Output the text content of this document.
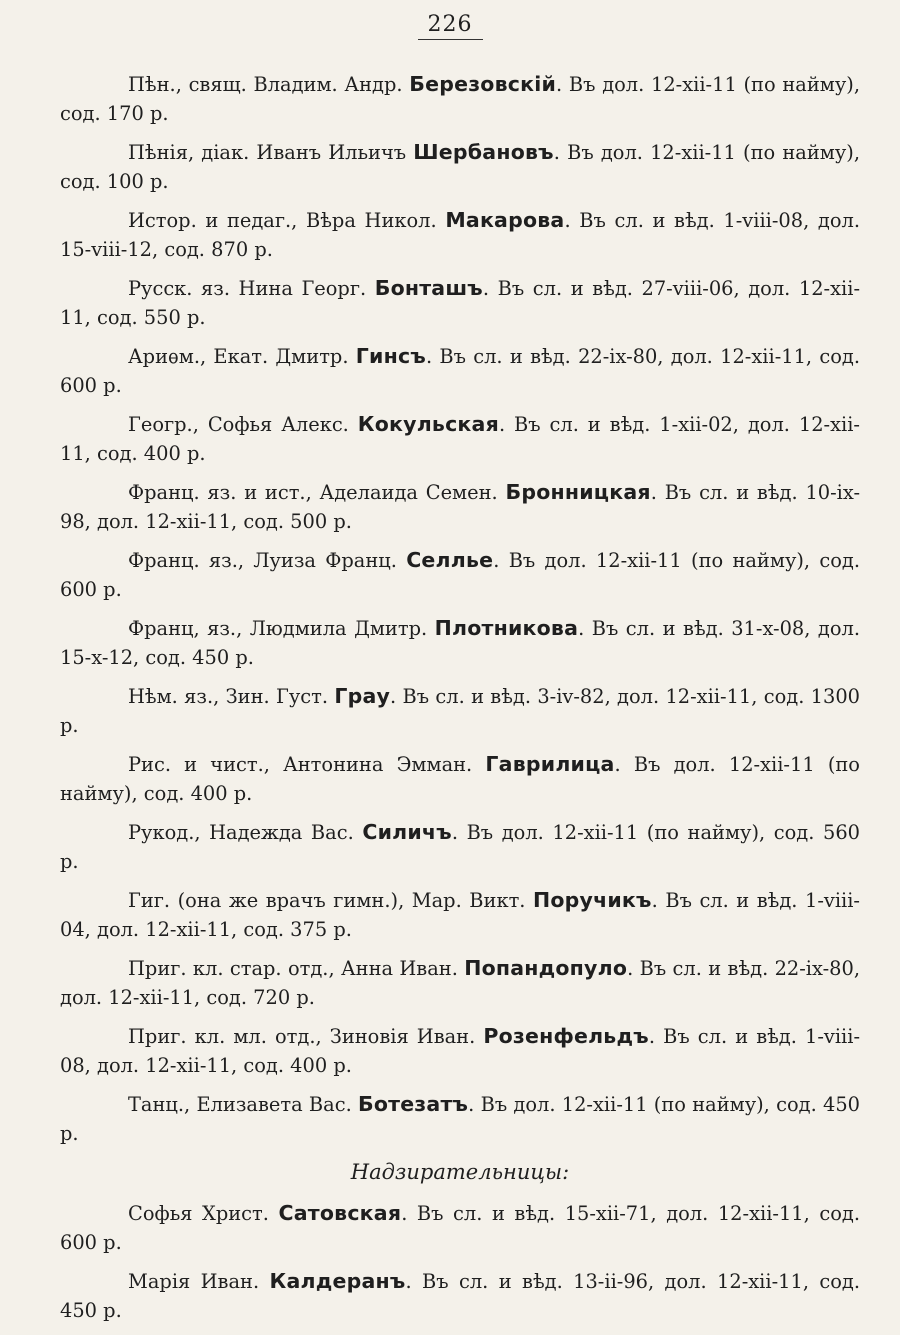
226

Пѣн., свящ. Владим. Андр. Березовскій. Въ дол. 12-xii-11 (по найму), сод. 170 р.

Пѣнія, діак. Иванъ Ильичъ Шербановъ. Въ дол. 12-xii-11 (по найму), сод. 100 р.

Истор. и педаг., Вѣра Никол. Макарова. Въ сл. и вѣд. 1-viii-08, дол. 15-viii-12, сод. 870 р.

Русск. яз. Нина Георг. Бонташъ. Въ сл. и вѣд. 27-viii-06, дол. 12-xii-11, сод. 550 р.

Ариѳм., Екат. Дмитр. Гинсъ. Въ сл. и вѣд. 22-ix-80, дол. 12-xii-11, сод. 600 р.

Геогр., Софья Алекс. Кокульская. Въ сл. и вѣд. 1-xii-02, дол. 12-xii-11, сод. 400 р.

Франц. яз. и ист., Аделаида Семен. Бронницкая. Въ сл. и вѣд. 10-ix-98, дол. 12-xii-11, сод. 500 р.

Франц. яз., Луиза Франц. Селлье. Въ дол. 12-xii-11 (по найму), сод. 600 р.

Франц, яз., Людмила Дмитр. Плотникова. Въ сл. и вѣд. 31-x-08, дол. 15-x-12, сод. 450 р.

Нѣм. яз., Зин. Густ. Грау. Въ сл. и вѣд. 3-iv-82, дол. 12-xii-11, сод. 1300 р.

Рис. и чист., Антонина Эмман. Гаврилица. Въ дол. 12-xii-11 (по найму), сод. 400 р.

Рукод., Надежда Вас. Силичъ. Въ дол. 12-xii-11 (по найму), сод. 560 р.

Гиг. (она же врачъ гимн.), Мар. Викт. Поручикъ. Въ сл. и вѣд. 1-viii-04, дол. 12-xii-11, сод. 375 р.

Приг. кл. стар. отд., Анна Иван. Попандопуло. Въ сл. и вѣд. 22-ix-80, дол. 12-xii-11, сод. 720 р.

Приг. кл. мл. отд., Зиновія Иван. Розенфельдъ. Въ сл. и вѣд. 1-viii-08, дол. 12-xii-11, сод. 400 р.

Танц., Елизавета Вас. Ботезатъ. Въ дол. 12-xii-11 (по найму), сод. 450 р.

Надзирательницы:

Софья Христ. Сатовская. Въ сл. и вѣд. 15-xii-71, дол. 12-xii-11, сод. 600 р.

Марія Иван. Калдеранъ. Въ сл. и вѣд. 13-ii-96, дол. 12-xii-11, сод. 450 р.
